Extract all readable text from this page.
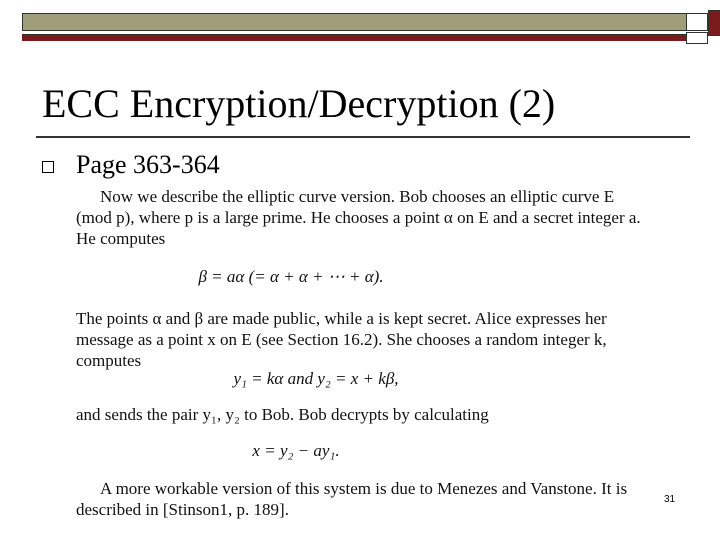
ECC Encryption/Decryption (2)
Page 363-364

Now we describe the elliptic curve version. Bob chooses an elliptic curve E (mod p), where p is a large prime. He chooses a point α on E and a secret integer a. He computes

β = aα (= α + α + ⋯ + α).

The points α and β are made public, while a is kept secret. Alice expresses her message as a point x on E (see Section 16.2). She chooses a random integer k, computes

y₁ = kα and y₂ = x + kβ,

and sends the pair y₁, y₂ to Bob. Bob decrypts by calculating

x = y₂ − ay₁.

A more workable version of this system is due to Menezes and Vanstone. It is described in [Stinson1, p. 189].

31
